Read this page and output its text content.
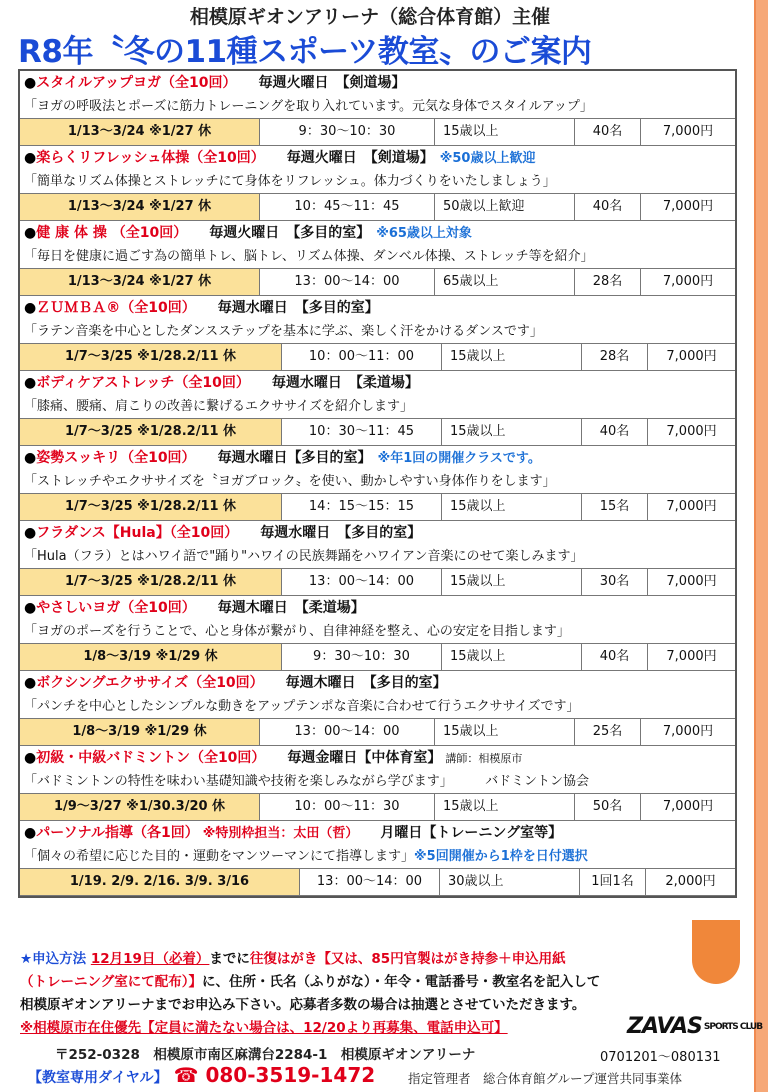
相模原ギオンアリーナ（総合体育館）主催
R8年〝冬の11種スポーツ教室〟のご案内
●スタイルアップヨガ（全10回） 毎週火曜日　【剣道場】
「ヨガの呼吸法とポーズに筋力トレーニングを取り入れています。元気な身体でスタイルアップ」
1/13〜3/24 ※1/27 休	9：30〜10：30	15歳以上	40名	7,000円
●楽らくリフレッシュ体操（全10回） 毎週火曜日　【剣道場】 ※50歳以上歓迎
「簡単なリズム体操とストレッチにて身体をリフレッシュ。体力づくりをいたしましょう」
1/13〜3/24 ※1/27 休	10：45〜11：45	50歳以上歓迎	40名	7,000円
●健 康 体 操 （全10回） 毎週火曜日　【多目的室】 ※65歳以上対象
「毎日を健康に過ごす為の簡単トレ、脳トレ、リズム体操、ダンベル体操、ストレッチ等を紹介」
1/13〜3/24 ※1/27 休	13：00〜14：00	65歳以上	28名	7,000円
●ＺＵＭＢＡ®（全10回） 毎週水曜日　【多目的室】
「ラテン音楽を中心としたダンスステップを基本に学ぶ、楽しく汗をかけるダンスです」
1/7〜3/25 ※1/28.2/11 休	10：00〜11：00	15歳以上	28名	7,000円
●ボディケアストレッチ（全10回） 毎週水曜日　【柔道場】
「膝痛、腰痛、肩こりの改善に繋げるエクササイズを紹介します」
1/7〜3/25 ※1/28.2/11 休	10：30〜11：45	15歳以上	40名	7,000円
●姿勢スッキリ（全10回） 毎週水曜日【多目的室】 ※年1回の開催クラスです。
「ストレッチやエクササイズを〝ヨガブロック〟を使い、動かしやすい身体作りをします」
1/7〜3/25 ※1/28.2/11 休	14：15〜15：15	15歳以上	15名	7,000円
●フラダンス【Hula】（全10回） 毎週水曜日　【多目的室】
「Hula（フラ）とはハワイ語で"踊り"ハワイの民族舞踊をハワイアン音楽にのせて楽しみます」
1/7〜3/25 ※1/28.2/11 休	13：00〜14：00	15歳以上	30名	7,000円
●やさしいヨガ（全10回） 毎週木曜日　【柔道場】
「ヨガのポーズを行うことで、心と身体が繋がり、自律神経を整え、心の安定を目指します」
1/8〜3/19 ※1/29 休	9：30〜10：30	15歳以上	40名	7,000円
●ボクシングエクササイズ（全10回） 毎週木曜日　【多目的室】
「パンチを中心としたシンプルな動きをアップテンポな音楽に合わせて行うエクササイズです」
1/8〜3/19 ※1/29 休	13：00〜14：00	15歳以上	25名	7,000円
●初級・中級バドミントン（全10回） 毎週金曜日【中体育室】 講師：相模原市
「バドミントンの特性を味わい基礎知識や技術を楽しみながら学びます」　　　バドミントン協会
1/9〜3/27 ※1/30.3/20 休	10：00〜11：30	15歳以上	50名	7,000円
●パーソナル指導（各1回） ※特別枠担当：太田（哲） 月曜日【トレーニング室等】
「個々の希望に応じた目的・運動をマンツーマンにて指導します」※5回開催から1枠を日付選択
1/19. 2/9. 2/16. 3/9. 3/16	13：00〜14：00	30歳以上	1回1名	2,000円
★申込方法 12月19日（必着）までに往復はがき【又は、85円官製はがき持参＋申込用紙
（トレーニング室にて配布）】に、住所・氏名（ふりがな）・年令・電話番号・教室名を記入して
相模原ギオンアリーナまでお申込み下さい。応募者多数の場合は抽選とさせていただきます。
※相模原市在住優先【定員に満たない場合は、12/20より再募集、電話申込可】	ZAVAS SPORTS CLUB
〒252-0328　相模原市南区麻溝台2284-1　相模原ギオンアリーナ	0701201〜080131
【教室専用ダイヤル】 ☎ 080-3519-1472	指定管理者　総合体育館グループ運営共同事業体
